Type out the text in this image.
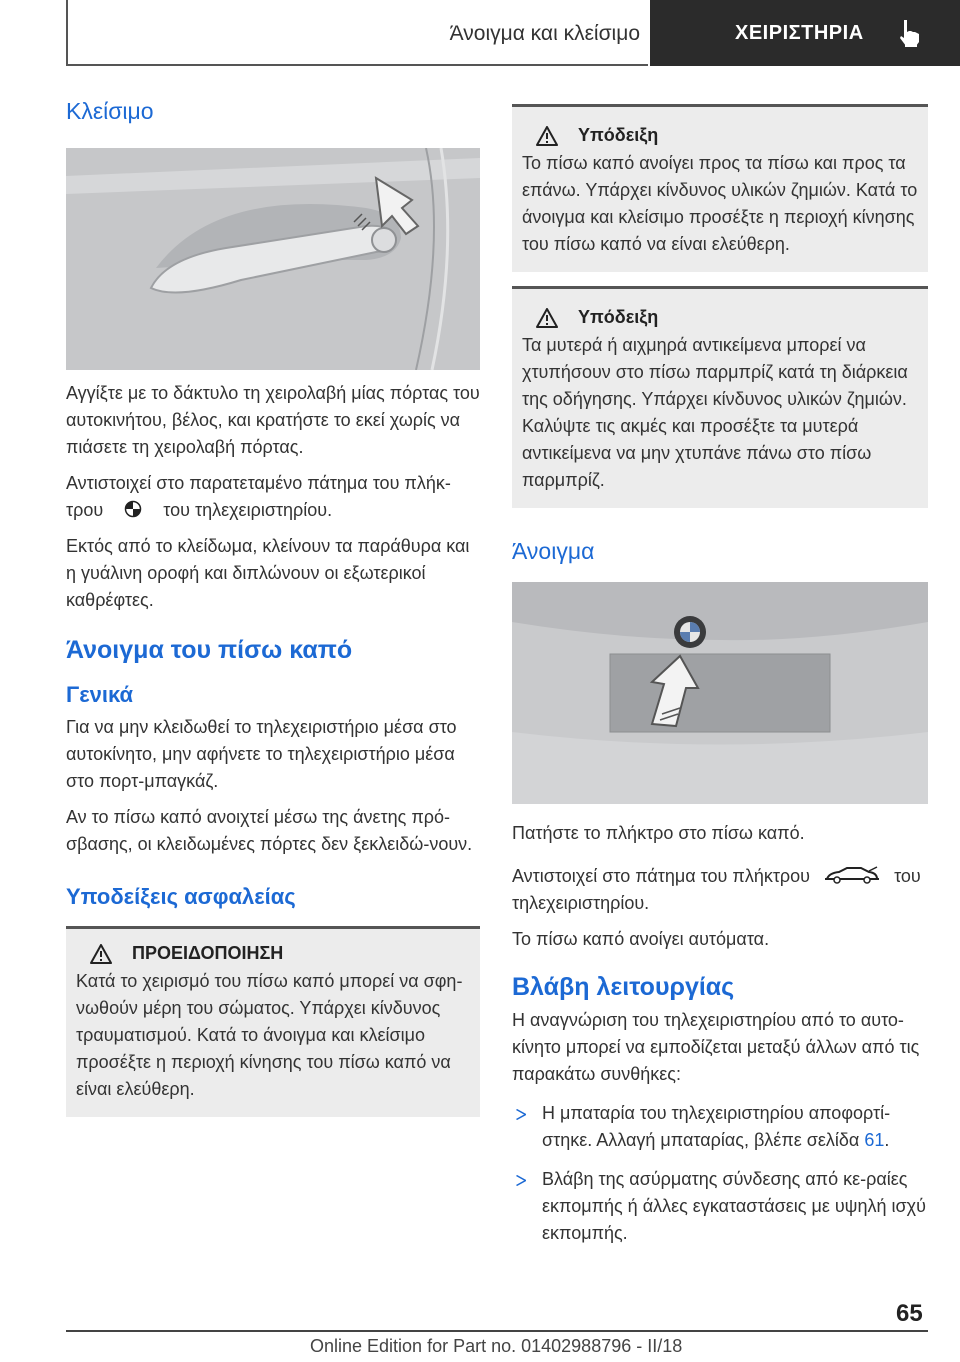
Άνοιγμα και κλείσιμο	ΧΕΙΡΙΣΤΗΡΙΑ
Κλείσιμο

Αγγίξτε με το δάκτυλο τη χειρολαβή μίας πόρτας του αυτοκινήτου, βέλος, και κρατήστε το εκεί χωρίς να πιάσετε τη χειρολαβή πόρτας.

Αντιστοιχεί στο παρατεταμένο πάτημα του πλήκ-

τρου	του τηλεχειριστηρίου.

Εκτός από το κλείδωμα, κλείνουν τα παράθυρα και η γυάλινη οροφή και διπλώνουν οι εξωτερικοί καθρέφτες.

Άνοιγμα του πίσω καπό
Γενικά

Για να μην κλειδωθεί το τηλεχειριστήριο μέσα στο αυτοκίνητο, μην αφήνετε το τηλεχειριστήριο μέσα στο πορτ-μπαγκάζ.

Αν το πίσω καπό ανοιχτεί μέσω της άνετης πρό-σβασης, οι κλειδωμένες πόρτες δεν ξεκλειδώ-νουν.

Υποδείξεις ασφαλείας
ΠΡΟΕΙΔΟΠΟΙΗΣΗ

Κατά το χειρισμό του πίσω καπό μπορεί να σφη-νωθούν μέρη του σώματος. Υπάρχει κίνδυνος τραυματισμού. Κατά το άνοιγμα και κλείσιμο προσέξτε η περιοχή κίνησης του πίσω καπό να είναι ελεύθερη.

Υπόδειξη

Το πίσω καπό ανοίγει προς τα πίσω και προς τα επάνω. Υπάρχει κίνδυνος υλικών ζημιών. Κατά το άνοιγμα και κλείσιμο προσέξτε η περιοχή κίνησης του πίσω καπό να είναι ελεύθερη.

Υπόδειξη

Τα μυτερά ή αιχμηρά αντικείμενα μπορεί να χτυπήσουν στο πίσω παρμπρίζ κατά τη διάρκεια της οδήγησης. Υπάρχει κίνδυνος υλικών ζημιών. Καλύψτε τις ακμές και προσέξτε τα μυτερά αντικείμενα να μην χτυπάνε πάνω στο πίσω παρμπρίζ.

Άνοιγμα

Πατήστε το πλήκτρο στο πίσω καπό.

Αντιστοιχεί στο πάτημα του πλήκτρου	του

τηλεχειριστηρίου.

Το πίσω καπό ανοίγει αυτόματα.

Βλάβη λειτουργίας

Η αναγνώριση του τηλεχειριστηρίου από το αυτο-κίνητο μπορεί να εμποδίζεται μεταξύ άλλων από τις παρακάτω συνθήκες:

Η μπαταρία του τηλεχειριστηρίου αποφορτί-στηκε. Αλλαγή μπαταρίας, βλέπε σελίδα 61.
Βλάβη της ασύρματης σύνδεσης από κε-ραίες εκπομπής ή άλλες εγκαταστάσεις με υψηλή ισχύ εκπομπής.
65
Online Edition for Part no. 01402988796 - II/18
